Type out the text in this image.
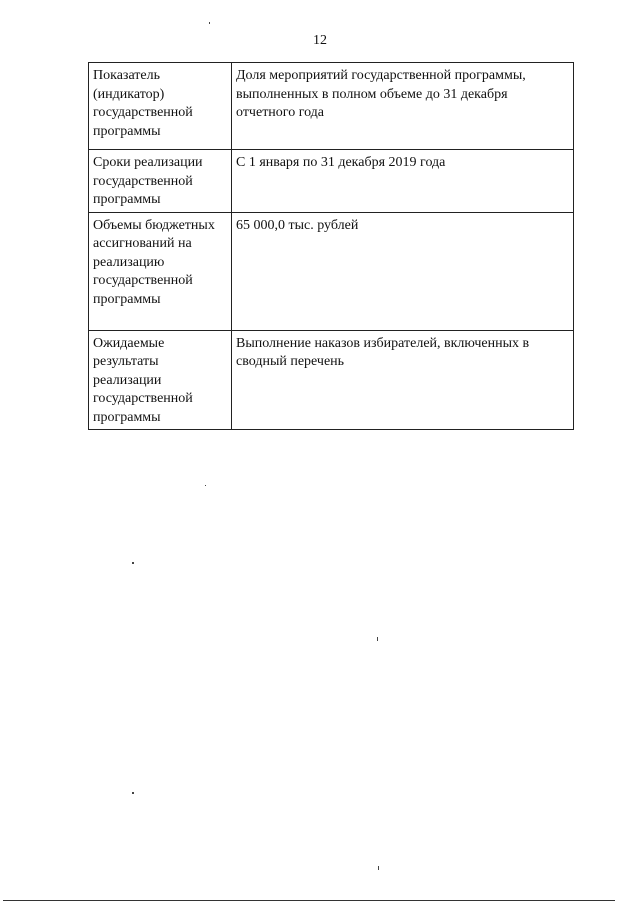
12
Показатель (индикатор) государственной программы	Доля мероприятий государственной программы, выполненных в полном объеме до 31 декабря отчетного года
Сроки реализации государственной программы	С 1 января по 31 декабря 2019 года
Объемы бюджетных ассигнований на реализацию государственной программы	65 000,0 тыс. рублей
Ожидаемые результаты реализации государственной программы	Выполнение наказов избирателей, включенных в сводный перечень
